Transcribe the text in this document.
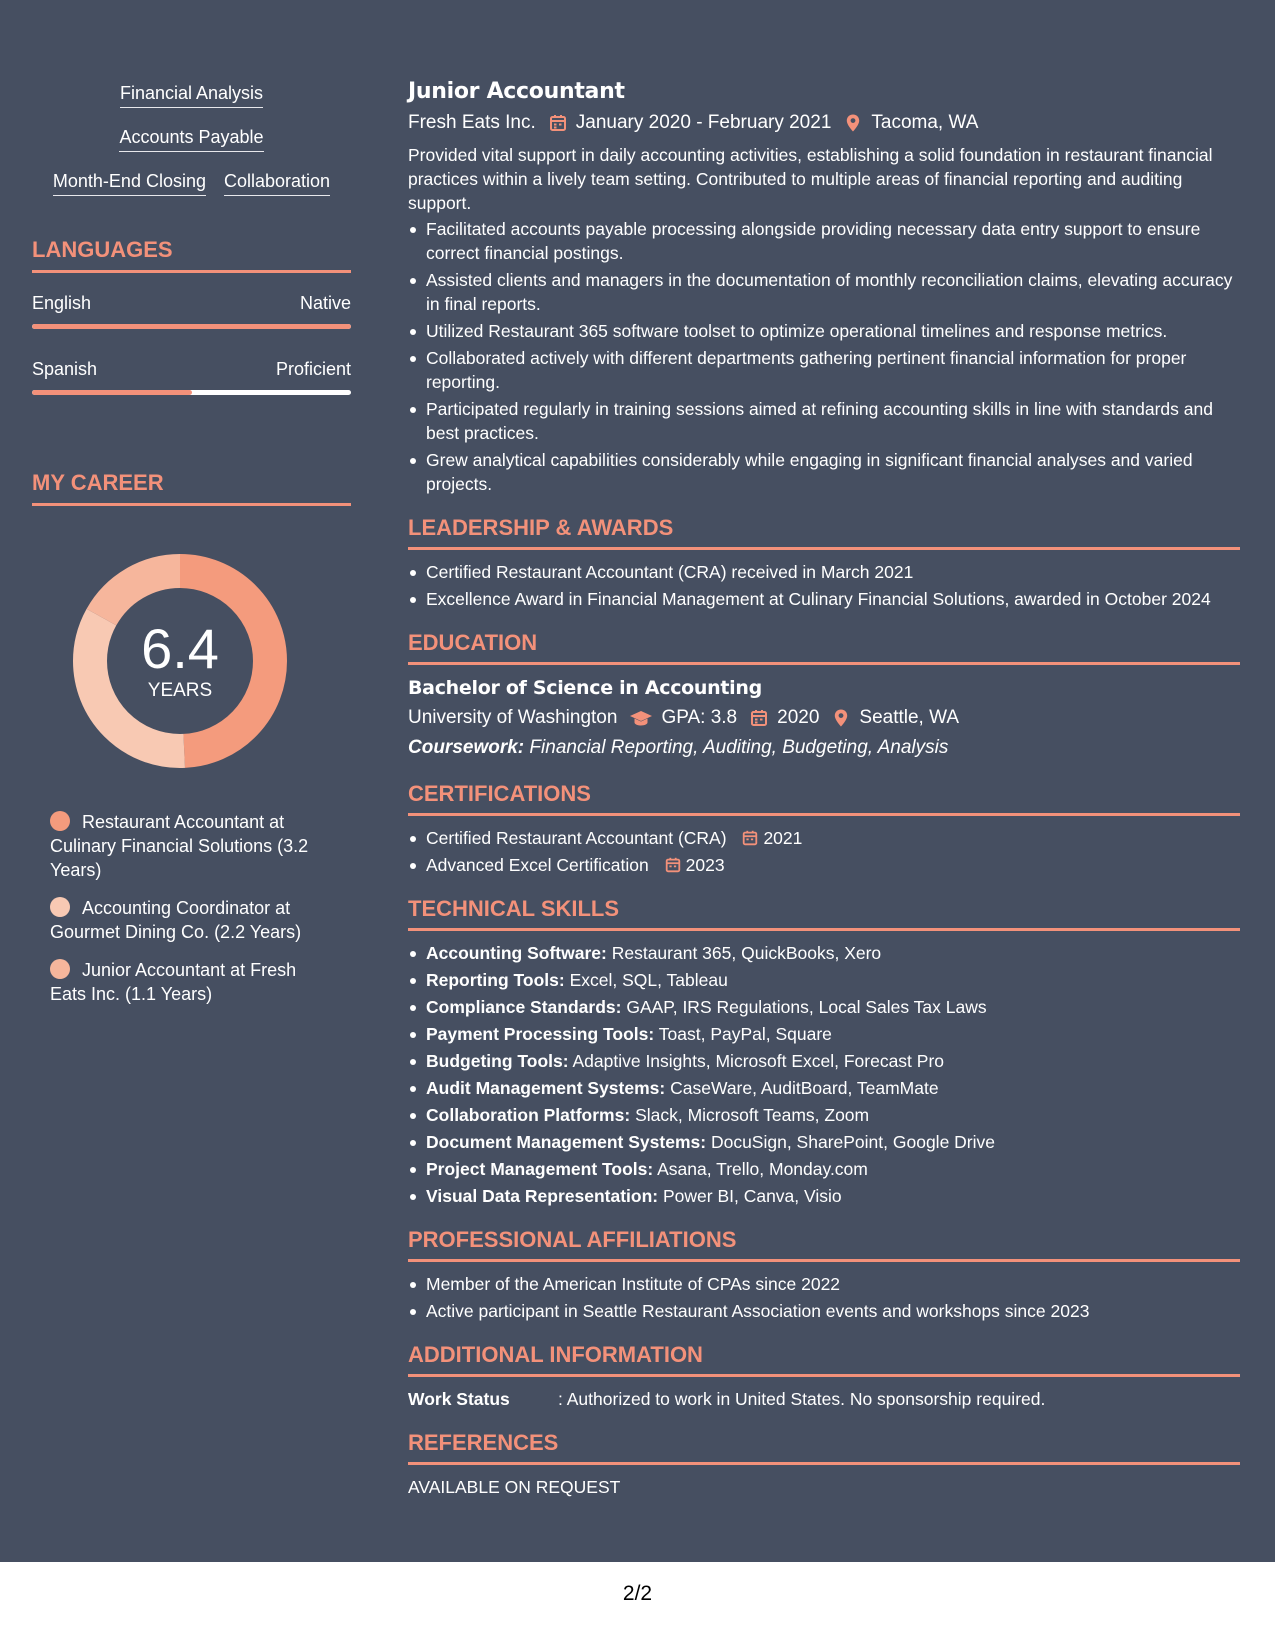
Financial Analysis
Accounts Payable
Month-End Closing Collaboration
LANGUAGES
English	Native
Spanish	Proficient
MY CAREER
6.4
YEARS
Restaurant Accountant at Culinary Financial Solutions (3.2 Years)
Accounting Coordinator at Gourmet Dining Co. (2.2 Years)
Junior Accountant at Fresh Eats Inc. (1.1 Years)
Junior Accountant
Fresh Eats Inc. January 2020 - February 2021 Tacoma, WA
Provided vital support in daily accounting activities, establishing a solid foundation in restaurant financial practices within a lively team setting. Contributed to multiple areas of financial reporting and auditing support.
Facilitated accounts payable processing alongside providing necessary data entry support to ensure correct financial postings.
Assisted clients and managers in the documentation of monthly reconciliation claims, elevating accuracy in final reports.
Utilized Restaurant 365 software toolset to optimize operational timelines and response metrics.
Collaborated actively with different departments gathering pertinent financial information for proper reporting.
Participated regularly in training sessions aimed at refining accounting skills in line with standards and best practices.
Grew analytical capabilities considerably while engaging in significant financial analyses and varied projects.
LEADERSHIP & AWARDS
Certified Restaurant Accountant (CRA) received in March 2021
Excellence Award in Financial Management at Culinary Financial Solutions, awarded in October 2024
EDUCATION
Bachelor of Science in Accounting
University of Washington GPA: 3.8 2020 Seattle, WA
Coursework: Financial Reporting, Auditing, Budgeting, Analysis
CERTIFICATIONS
Certified Restaurant Accountant (CRA) 2021
Advanced Excel Certification 2023
TECHNICAL SKILLS
Accounting Software: Restaurant 365, QuickBooks, Xero
Reporting Tools: Excel, SQL, Tableau
Compliance Standards: GAAP, IRS Regulations, Local Sales Tax Laws
Payment Processing Tools: Toast, PayPal, Square
Budgeting Tools: Adaptive Insights, Microsoft Excel, Forecast Pro
Audit Management Systems: CaseWare, AuditBoard, TeamMate
Collaboration Platforms: Slack, Microsoft Teams, Zoom
Document Management Systems: DocuSign, SharePoint, Google Drive
Project Management Tools: Asana, Trello, Monday.com
Visual Data Representation: Power BI, Canva, Visio
PROFESSIONAL AFFILIATIONS
Member of the American Institute of CPAs since 2022
Active participant in Seattle Restaurant Association events and workshops since 2023
ADDITIONAL INFORMATION
Work Status	: Authorized to work in United States. No sponsorship required.
REFERENCES
AVAILABLE ON REQUEST
2/2
